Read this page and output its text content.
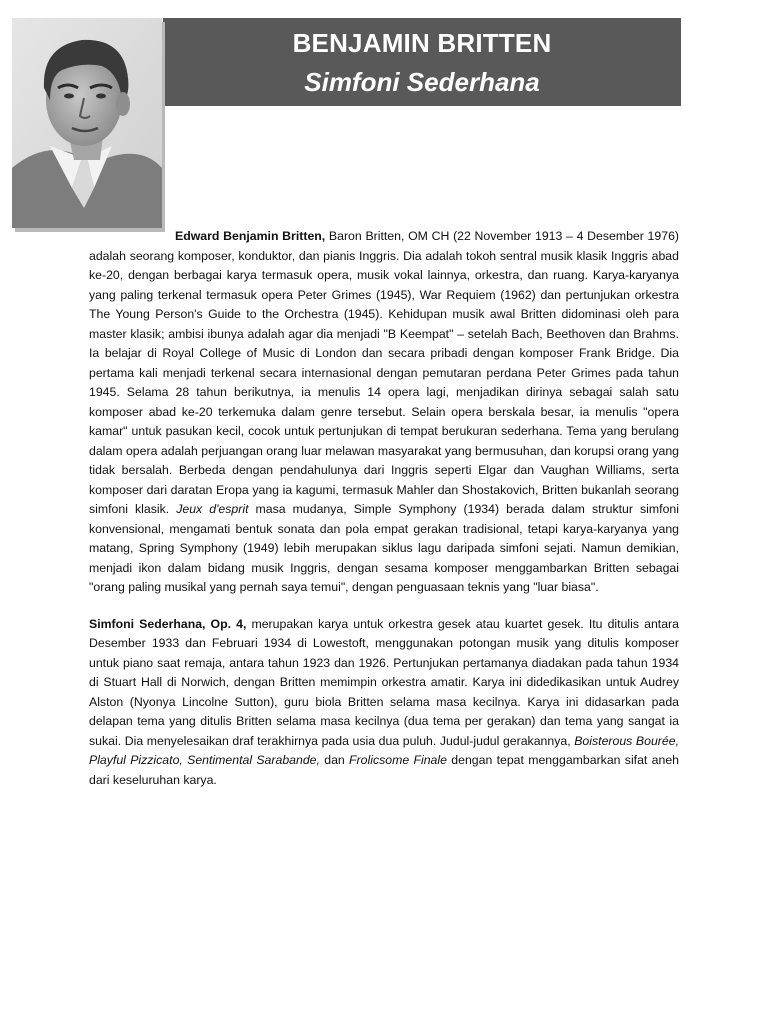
BENJAMIN BRITTEN
Simfoni Sederhana

Edward Benjamin Britten, Baron Britten, OM CH (22 November 1913 – 4 Desember 1976) adalah seorang komposer, konduktor, dan pianis Inggris. Dia adalah tokoh sentral musik klasik Inggris abad ke-20, dengan berbagai karya termasuk opera, musik vokal lainnya, orkestra, dan ruang. Karya-karyanya yang paling terkenal termasuk opera Peter Grimes (1945), War Requiem (1962) dan pertunjukan orkestra The Young Person's Guide to the Orchestra (1945). Kehidupan musik awal Britten didominasi oleh para master klasik; ambisi ibunya adalah agar dia menjadi "B Keempat" – setelah Bach, Beethoven dan Brahms. Ia belajar di Royal College of Music di London dan secara pribadi dengan komposer Frank Bridge. Dia pertama kali menjadi terkenal secara internasional dengan pemutaran perdana Peter Grimes pada tahun 1945. Selama 28 tahun berikutnya, ia menulis 14 opera lagi, menjadikan dirinya sebagai salah satu komposer abad ke-20 terkemuka dalam genre tersebut. Selain opera berskala besar, ia menulis "opera kamar" untuk pasukan kecil, cocok untuk pertunjukan di tempat berukuran sederhana. Tema yang berulang dalam opera adalah perjuangan orang luar melawan masyarakat yang bermusuhan, dan korupsi orang yang tidak bersalah. Berbeda dengan pendahulunya dari Inggris seperti Elgar dan Vaughan Williams, serta komposer dari daratan Eropa yang ia kagumi, termasuk Mahler dan Shostakovich, Britten bukanlah seorang simfoni klasik. Jeux d'esprit masa mudanya, Simple Symphony (1934) berada dalam struktur simfoni konvensional, mengamati bentuk sonata dan pola empat gerakan tradisional, tetapi karya-karyanya yang matang, Spring Symphony (1949) lebih merupakan siklus lagu daripada simfoni sejati. Namun demikian, menjadi ikon dalam bidang musik Inggris, dengan sesama komposer menggambarkan Britten sebagai "orang paling musikal yang pernah saya temui", dengan penguasaan teknis yang "luar biasa".

Simfoni Sederhana, Op. 4, merupakan karya untuk orkestra gesek atau kuartet gesek. Itu ditulis antara Desember 1933 dan Februari 1934 di Lowestoft, menggunakan potongan musik yang ditulis komposer untuk piano saat remaja, antara tahun 1923 dan 1926. Pertunjukan pertamanya diadakan pada tahun 1934 di Stuart Hall di Norwich, dengan Britten memimpin orkestra amatir. Karya ini didedikasikan untuk Audrey Alston (Nyonya Lincolne Sutton), guru biola Britten selama masa kecilnya. Karya ini didasarkan pada delapan tema yang ditulis Britten selama masa kecilnya (dua tema per gerakan) dan tema yang sangat ia sukai. Dia menyelesaikan draf terakhirnya pada usia dua puluh. Judul-judul gerakannya, Boisterous Bourée, Playful Pizzicato, Sentimental Sarabande, dan Frolicsome Finale dengan tepat menggambarkan sifat aneh dari keseluruhan karya.
